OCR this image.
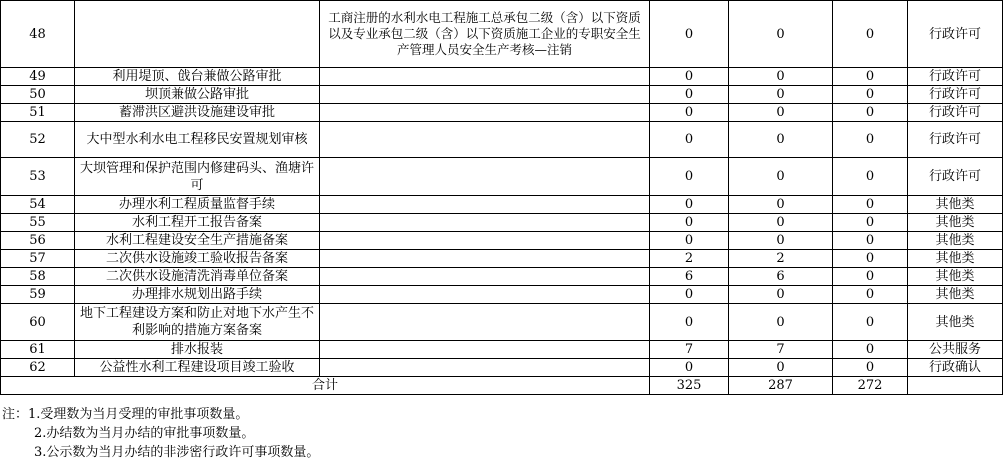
48		工商注册的水利水电工程施工总承包二级（含）以下资质以及专业承包二级（含）以下资质施工企业的专职安全生产管理人员安全生产考核—注销	0	0	0	行政许可
49	利用堤顶、戗台兼做公路审批		0	0	0	行政许可
50	坝顶兼做公路审批		0	0	0	行政许可
51	蓄滞洪区避洪设施建设审批		0	0	0	行政许可
52	大中型水利水电工程移民安置规划审核		0	0	0	行政许可
53	大坝管理和保护范围内修建码头、渔塘许可		0	0	0	行政许可
54	办理水利工程质量监督手续		0	0	0	其他类
55	水利工程开工报告备案		0	0	0	其他类
56	水利工程建设安全生产措施备案		0	0	0	其他类
57	二次供水设施竣工验收报告备案		2	2	0	其他类
58	二次供水设施清洗消毒单位备案		6	6	0	其他类
59	办理排水规划出路手续		0	0	0	其他类
60	地下工程建设方案和防止对地下水产生不利影响的措施方案备案		0	0	0	其他类
61	排水报装		7	7	0	公共服务
62	公益性水利工程建设项目竣工验收		0	0	0	行政确认
合计			325	287	272	
注：1.受理数为当月受理的审批事项数量。
2.办结数为当月办结的审批事项数量。
3.公示数为当月办结的非涉密行政许可事项数量。
